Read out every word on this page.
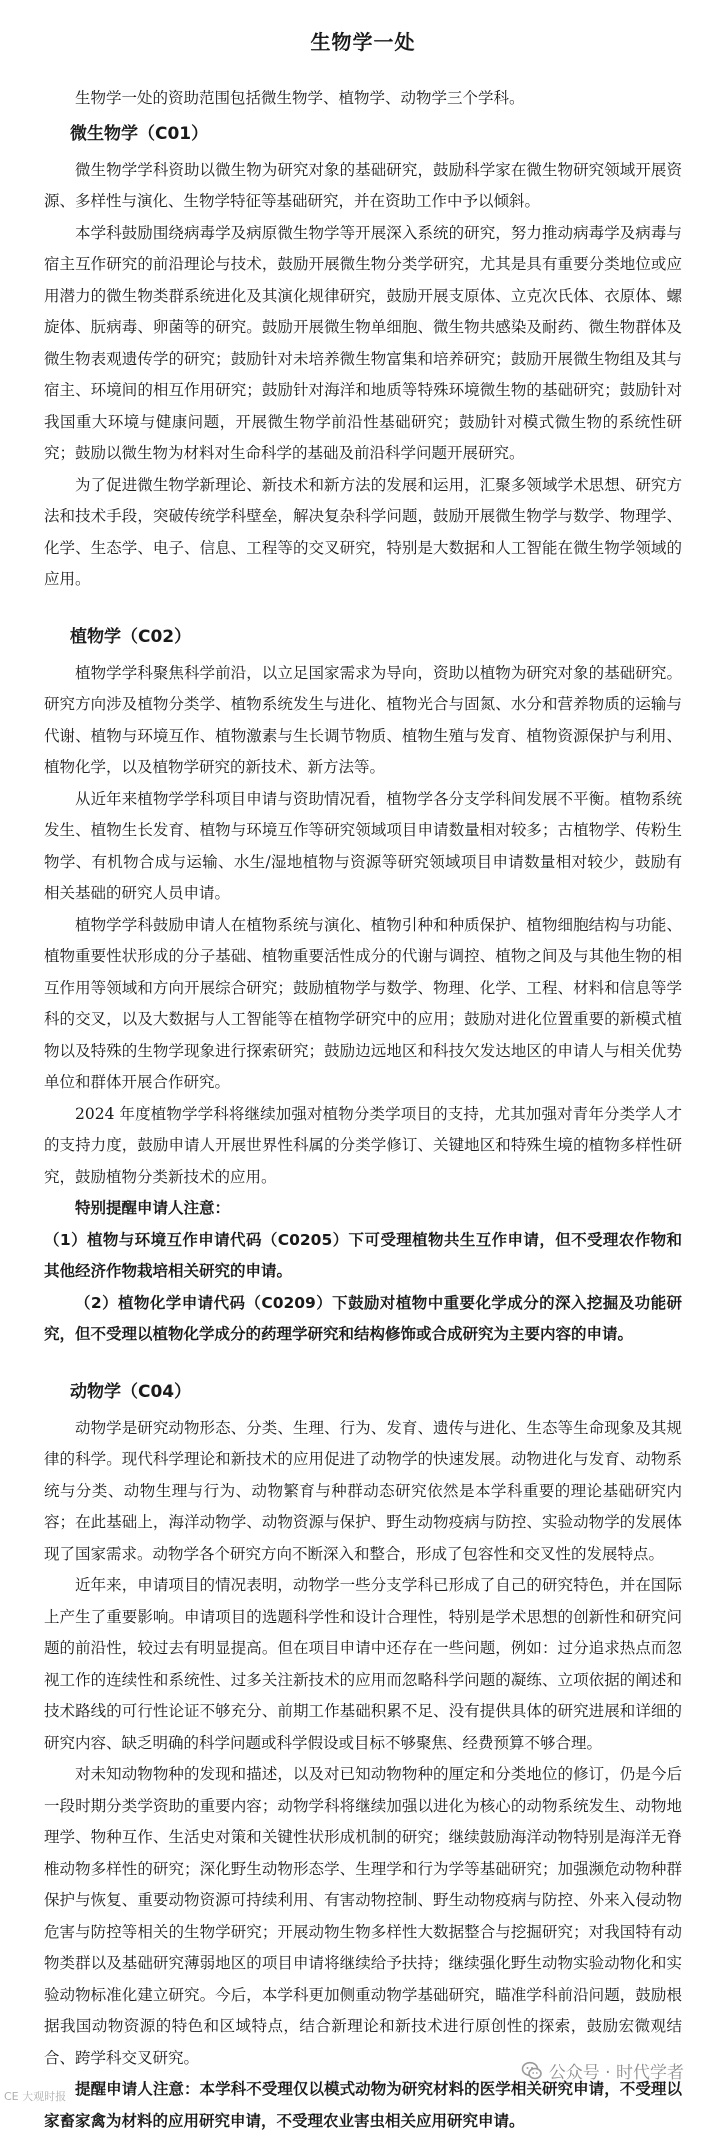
生物学一处

生物学一处的资助范围包括微生物学、植物学、动物学三个学科。

微生物学（C01）

微生物学学科资助以微生物为研究对象的基础研究，鼓励科学家在微生物研究领域开展资源、多样性与演化、生物学特征等基础研究，并在资助工作中予以倾斜。

本学科鼓励围绕病毒学及病原微生物学等开展深入系统的研究，努力推动病毒学及病毒与宿主互作研究的前沿理论与技术，鼓励开展微生物分类学研究，尤其是具有重要分类地位或应用潜力的微生物类群系统进化及其演化规律研究，鼓励开展支原体、立克次氏体、衣原体、螺旋体、朊病毒、卵菌等的研究。鼓励开展微生物单细胞、微生物共感染及耐药、微生物群体及微生物表观遗传学的研究；鼓励针对未培养微生物富集和培养研究；鼓励开展微生物组及其与宿主、环境间的相互作用研究；鼓励针对海洋和地质等特殊环境微生物的基础研究；鼓励针对我国重大环境与健康问题，开展微生物学前沿性基础研究；鼓励针对模式微生物的系统性研究；鼓励以微生物为材料对生命科学的基础及前沿科学问题开展研究。

为了促进微生物学新理论、新技术和新方法的发展和运用，汇聚多领域学术思想、研究方法和技术手段，突破传统学科壁垒，解决复杂科学问题，鼓励开展微生物学与数学、物理学、化学、生态学、电子、信息、工程等的交叉研究，特别是大数据和人工智能在微生物学领域的应用。

植物学（C02）

植物学学科聚焦科学前沿，以立足国家需求为导向，资助以植物为研究对象的基础研究。研究方向涉及植物分类学、植物系统发生与进化、植物光合与固氮、水分和营养物质的运输与代谢、植物与环境互作、植物激素与生长调节物质、植物生殖与发育、植物资源保护与利用、植物化学，以及植物学研究的新技术、新方法等。

从近年来植物学学科项目申请与资助情况看，植物学各分支学科间发展不平衡。植物系统发生、植物生长发育、植物与环境互作等研究领域项目申请数量相对较多；古植物学、传粉生物学、有机物合成与运输、水生/湿地植物与资源等研究领域项目申请数量相对较少，鼓励有相关基础的研究人员申请。

植物学学科鼓励申请人在植物系统与演化、植物引种和种质保护、植物细胞结构与功能、植物重要性状形成的分子基础、植物重要活性成分的代谢与调控、植物之间及与其他生物的相互作用等领域和方向开展综合研究；鼓励植物学与数学、物理、化学、工程、材料和信息等学科的交叉，以及大数据与人工智能等在植物学研究中的应用；鼓励对进化位置重要的新模式植物以及特殊的生物学现象进行探索研究；鼓励边远地区和科技欠发达地区的申请人与相关优势单位和群体开展合作研究。

2024 年度植物学学科将继续加强对植物分类学项目的支持，尤其加强对青年分类学人才的支持力度，鼓励申请人开展世界性科属的分类学修订、关键地区和特殊生境的植物多样性研究，鼓励植物分类新技术的应用。

特别提醒申请人注意：

（1）植物与环境互作申请代码（C0205）下可受理植物共生互作申请，但不受理农作物和其他经济作物栽培相关研究的申请。

（2）植物化学申请代码（C0209）下鼓励对植物中重要化学成分的深入挖掘及功能研究，但不受理以植物化学成分的药理学研究和结构修饰或合成研究为主要内容的申请。

动物学（C04）

动物学是研究动物形态、分类、生理、行为、发育、遗传与进化、生态等生命现象及其规律的科学。现代科学理论和新技术的应用促进了动物学的快速发展。动物进化与发育、动物系统与分类、动物生理与行为、动物繁育与种群动态研究依然是本学科重要的理论基础研究内容；在此基础上，海洋动物学、动物资源与保护、野生动物疫病与防控、实验动物学的发展体现了国家需求。动物学各个研究方向不断深入和整合，形成了包容性和交叉性的发展特点。

近年来，申请项目的情况表明，动物学一些分支学科已形成了自己的研究特色，并在国际上产生了重要影响。申请项目的选题科学性和设计合理性，特别是学术思想的创新性和研究问题的前沿性，较过去有明显提高。但在项目申请中还存在一些问题，例如：过分追求热点而忽视工作的连续性和系统性、过多关注新技术的应用而忽略科学问题的凝练、立项依据的阐述和技术路线的可行性论证不够充分、前期工作基础积累不足、没有提供具体的研究进展和详细的研究内容、缺乏明确的科学问题或科学假设或目标不够聚焦、经费预算不够合理。

对未知动物物种的发现和描述，以及对已知动物物种的厘定和分类地位的修订，仍是今后一段时期分类学资助的重要内容；动物学科将继续加强以进化为核心的动物系统发生、动物地理学、物种互作、生活史对策和关键性状形成机制的研究；继续鼓励海洋动物特别是海洋无脊椎动物多样性的研究；深化野生动物形态学、生理学和行为学等基础研究；加强濒危动物种群保护与恢复、重要动物资源可持续利用、有害动物控制、野生动物疫病与防控、外来入侵动物危害与防控等相关的生物学研究；开展动物生物多样性大数据整合与挖掘研究；对我国特有动物类群以及基础研究薄弱地区的项目申请将继续给予扶持；继续强化野生动物实验动物化和实验动物标准化建立研究。今后，本学科更加侧重动物学基础研究，瞄准学科前沿问题，鼓励根据我国动物资源的特色和区域特点，结合新理论和新技术进行原创性的探索，鼓励宏微观结合、跨学科交叉研究。

提醒申请人注意：本学科不受理仅以模式动物为研究材料的医学相关研究申请，不受理以家畜家禽为材料的应用研究申请，不受理农业害虫相关应用研究申请。

公众号 · 时代学者
CE 大观时报
